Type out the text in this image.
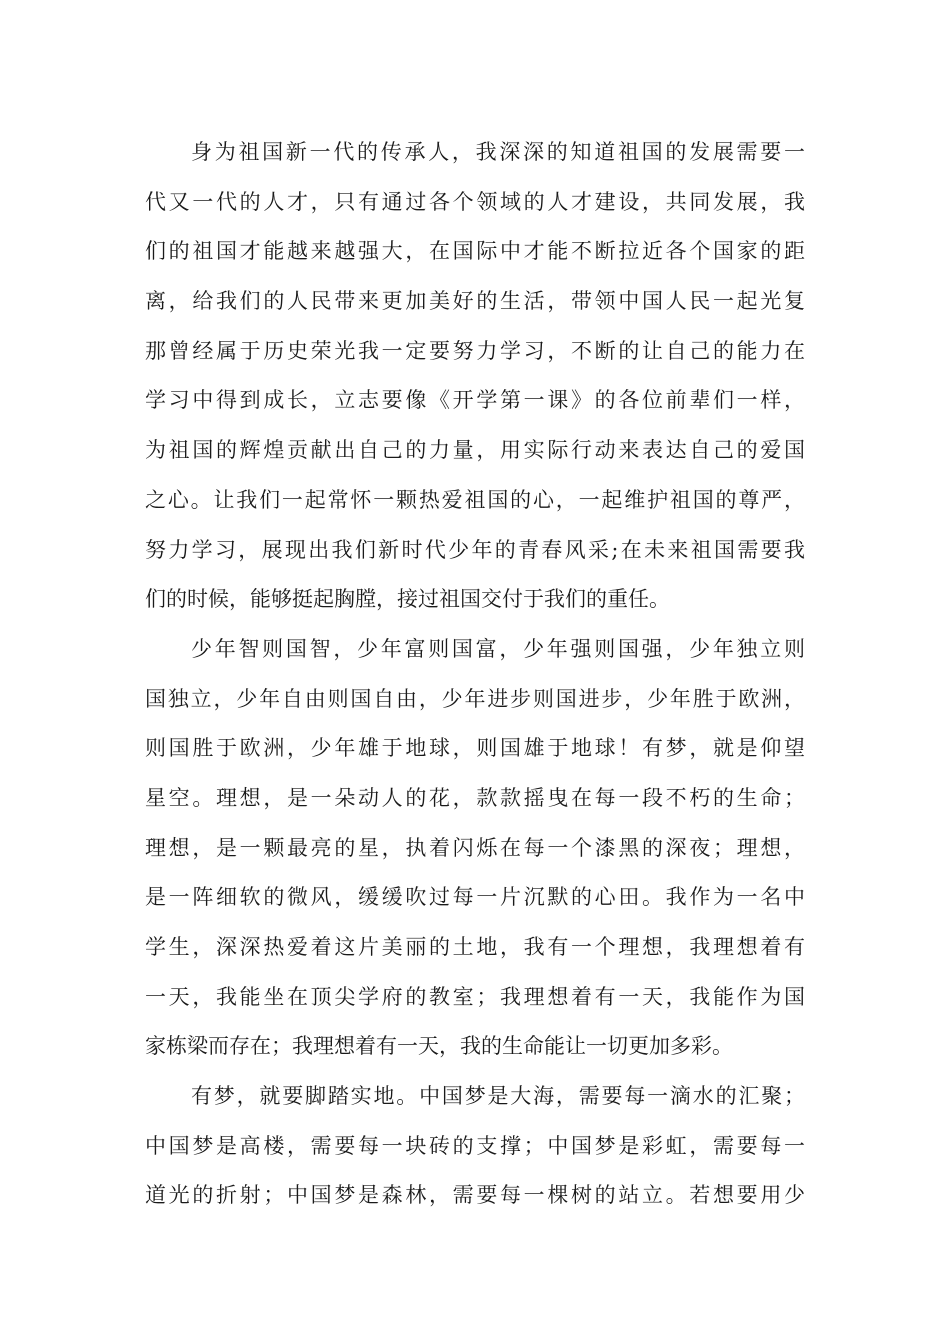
身为祖国新一代的传承人，我深深的知道祖国的发展需要一
代又一代的人才，只有通过各个领域的人才建设，共同发展，我
们的祖国才能越来越强大，在国际中才能不断拉近各个国家的距
离，给我们的人民带来更加美好的生活，带领中国人民一起光复
那曾经属于历史荣光我一定要努力学习，不断的让自己的能力在
学习中得到成长，立志要像《开学第一课》的各位前辈们一样，
为祖国的辉煌贡献出自己的力量，用实际行动来表达自己的爱国
之心。让我们一起常怀一颗热爱祖国的心，一起维护祖国的尊严，
努力学习，展现出我们新时代少年的青春风采;在未来祖国需要我
们的时候，能够挺起胸膛，接过祖国交付于我们的重任。
少年智则国智，少年富则国富，少年强则国强，少年独立则
国独立，少年自由则国自由，少年进步则国进步，少年胜于欧洲，
则国胜于欧洲，少年雄于地球，则国雄于地球！有梦，就是仰望
星空。理想，是一朵动人的花，款款摇曳在每一段不朽的生命；
理想，是一颗最亮的星，执着闪烁在每一个漆黑的深夜；理想，
是一阵细软的微风，缓缓吹过每一片沉默的心田。我作为一名中
学生，深深热爱着这片美丽的土地，我有一个理想，我理想着有
一天，我能坐在顶尖学府的教室；我理想着有一天，我能作为国
家栋梁而存在；我理想着有一天，我的生命能让一切更加多彩。
有梦，就要脚踏实地。中国梦是大海，需要每一滴水的汇聚；
中国梦是高楼，需要每一块砖的支撑；中国梦是彩虹，需要每一
道光的折射；中国梦是森林，需要每一棵树的站立。若想要用少
